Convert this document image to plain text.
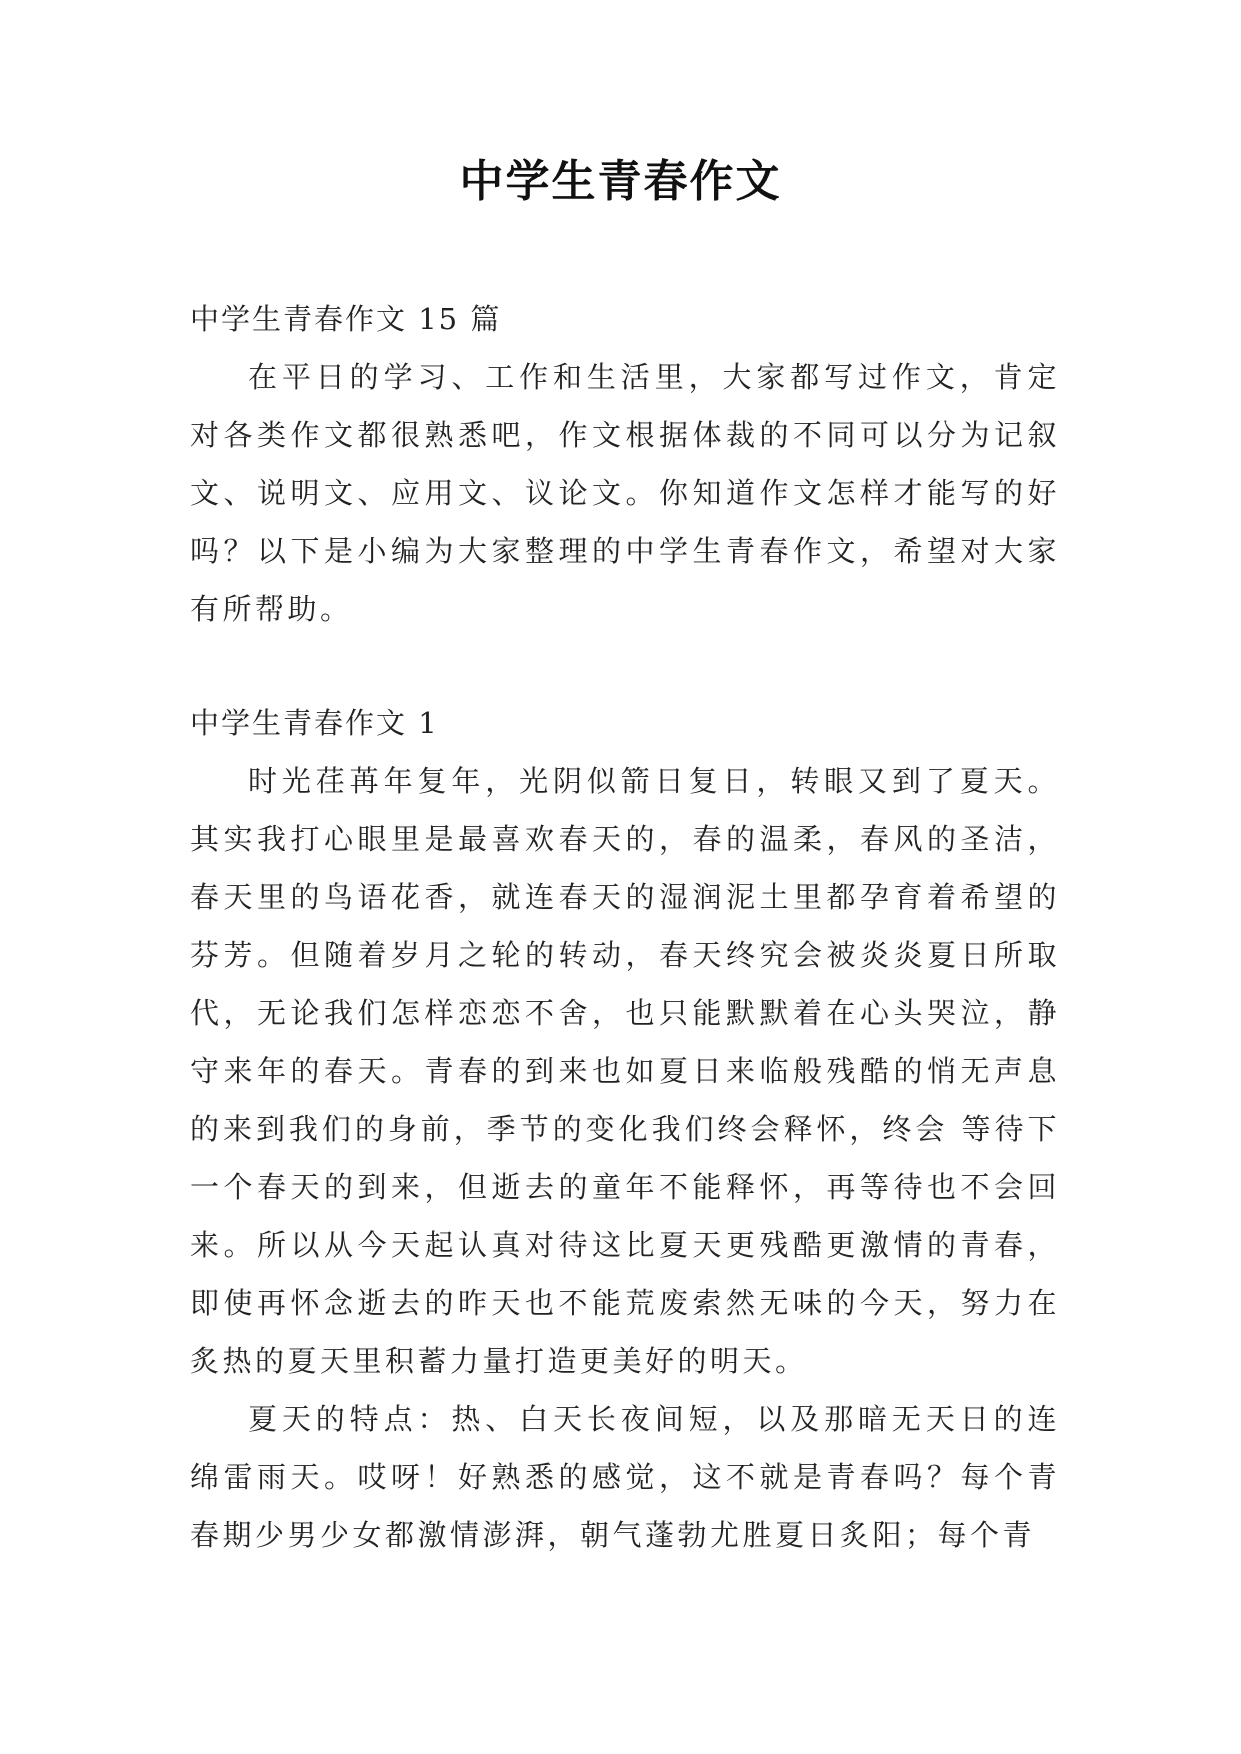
中学生青春作文

中学生青春作文 15 篇

在平日的学习、工作和生活里，大家都写过作文，肯定对各类作文都很熟悉吧，作文根据体裁的不同可以分为记叙文、说明文、应用文、议论文。你知道作文怎样才能写的好吗？以下是小编为大家整理的中学生青春作文，希望对大家有所帮助。

中学生青春作文 1

时光荏苒年复年，光阴似箭日复日，转眼又到了夏天。其实我打心眼里是最喜欢春天的，春的温柔，春风的圣洁，春天里的鸟语花香，就连春天的湿润泥土里都孕育着希望的芬芳。但随着岁月之轮的转动，春天终究会被炎炎夏日所取代，无论我们怎样恋恋不舍，也只能默默着在心头哭泣，静守来年的春天。青春的到来也如夏日来临般残酷的悄无声息的来到我们的身前，季节的变化我们终会释怀，终会 等待下一个春天的到来，但逝去的童年不能释怀，再等待也不会回来。所以从今天起认真对待这比夏天更残酷更激情的青春，即使再怀念逝去的昨天也不能荒废索然无味的今天，努力在炙热的夏天里积蓄力量打造更美好的明天。

夏天的特点：热、白天长夜间短，以及那暗无天日的连绵雷雨天。哎呀！好熟悉的感觉，这不就是青春吗？每个青春期少男少女都激情澎湃，朝气蓬勃尤胜夏日炙阳；每个青
